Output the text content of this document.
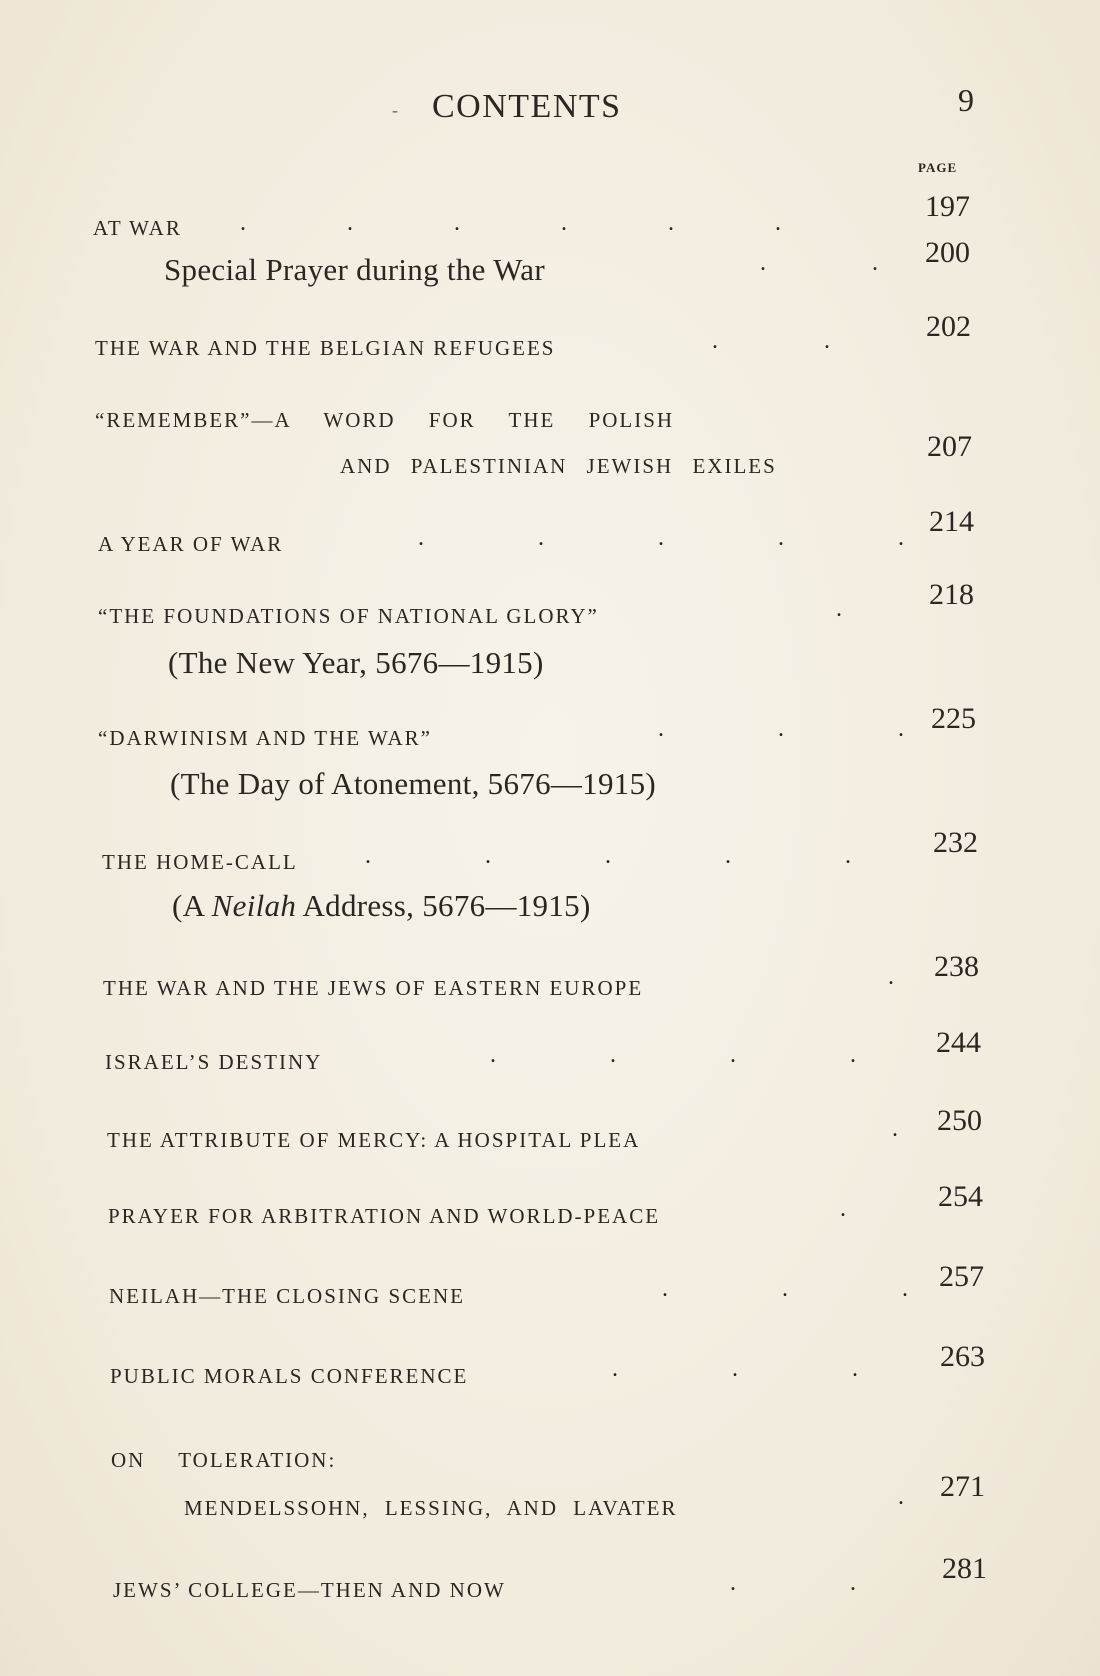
- CONTENTS	9
PAGE
AT WAR . . . . . .	197
Special Prayer during the War	. . 200
THE WAR AND THE BELGIAN REFUGEES	. .	202
“REMEMBER”—A WORD FOR THE POLISH
AND PALESTINIAN JEWISH EXILES
207
A YEAR OF WAR	. . . . . 214
“THE FOUNDATIONS OF NATIONAL GLORY”	.	218
(The New Year, 5676—1915)
“DARWINISM AND THE WAR”	. . . 225
(The Day of Atonement, 5676—1915)
THE HOME-CALL	. . . . .	232
(A Neilah Address, 5676—1915)
THE WAR AND THE JEWS OF EASTERN EUROPE	. 238
ISRAEL’S DESTINY	. . . .	244
THE ATTRIBUTE OF MERCY: A HOSPITAL PLEA	. 250
PRAYER FOR ARBITRATION AND WORLD-PEACE	.	254
NEILAH—THE CLOSING SCENE	. . . 257
PUBLIC MORALS CONFERENCE	. . .	263
ON TOLERATION:
MENDELSSOHN, LESSING, AND LAVATER	. 271
JEWS’ COLLEGE—THEN AND NOW	. .	281
